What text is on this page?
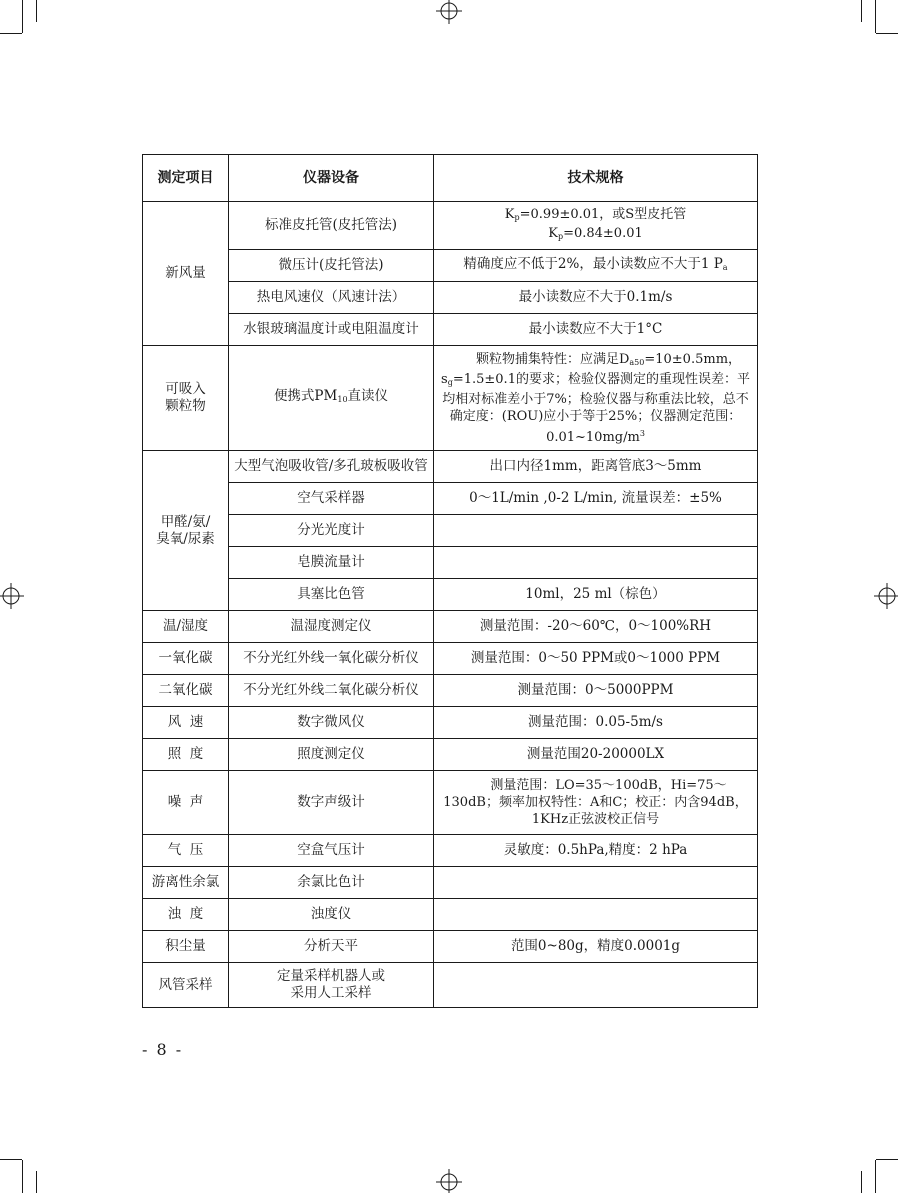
测定项目	仪器设备	技术规格
新风量	标准皮托管(皮托管法)	$K_p=0.99\pm 0.01$，或S型皮托管
$K_p=0.84\pm 0.01$
	微压计(皮托管法)	精确度应不低于2%，最小读数应不大于1 $P_a$
	热电风速仪（风速计法）	最小读数应不大于0.1m/s
	水银玻璃温度计或电阻温度计	最小读数应不大于1°C
可吸入
颗粒物	便携式$PM_{10}$直读仪	  颗粒物捕集特性：应满足$D_{a50}=10\pm 0.5mm$，$s_g=1.5\pm 0.1$的要求；检验仪器测定的重现性误差：平均相对标准差小于7%；检验仪器与称重法比较，总不确定度：(ROU)应小于等于25%；仪器测定范围：$0.01\sim 10mg/m^3$
甲醛/氨/
臭氧/尿素	大型气泡吸收管/多孔玻板吸收管	出口内径1mm，距离管底3～5mm
	空气采样器	0～1L/min ,0-2 L/min, 流量误差：±5%
	分光光度计	
	皂膜流量计	
	具塞比色管	10ml，25 ml（棕色）
温/湿度	温湿度测定仪	测量范围：-20～60℃，0～100%RH
一氧化碳	不分光红外线一氧化碳分析仪	测量范围：0～50 PPM或0～1000 PPM
二氧化碳	不分光红外线二氧化碳分析仪	测量范围：0～5000PPM
风  速	数字微风仪	测量范围：0.05-5m/s
照  度	照度测定仪	测量范围20-20000LX
噪  声	数字声级计	  测量范围：LO=35～100dB，Hi=75～130dB；频率加权特性：A和C；校正：内含94dB，1KHz正弦波校正信号
气  压	空盒气压计	灵敏度：0.5hPa,精度：2 hPa
游离性余氯	余氯比色计	
浊  度	浊度仪	
积尘量	分析天平	范围0~80g，精度0.0001g
风管采样	定量采样机器人或
采用人工采样	
- 8 -
